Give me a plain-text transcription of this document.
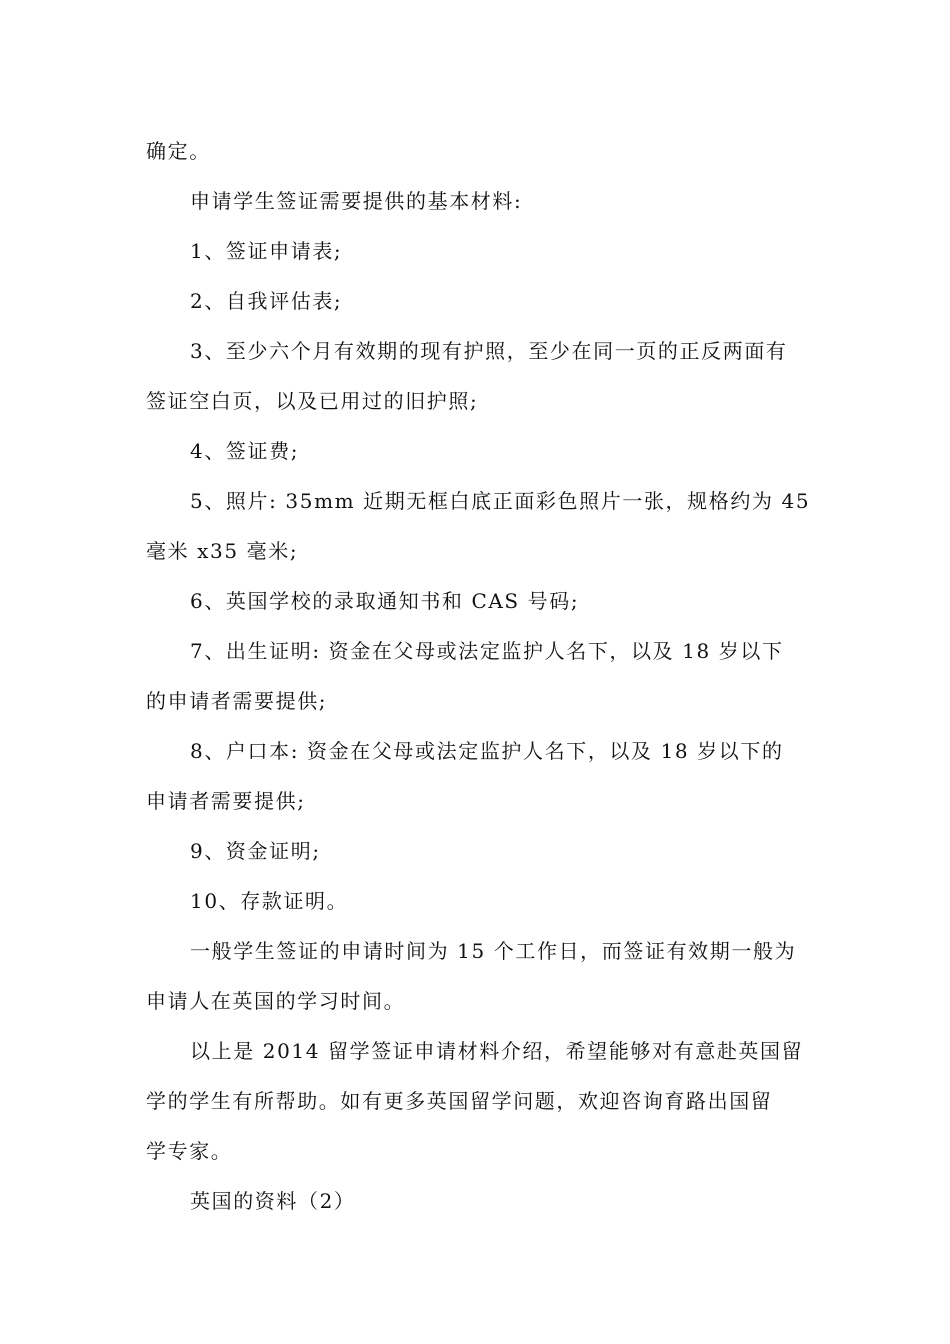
确定。
申请学生签证需要提供的基本材料:
1、签证申请表;
2、自我评估表;
3、至少六个月有效期的现有护照，至少在同一页的正反两面有
签证空白页，以及已用过的旧护照;
4、签证费;
5、照片: 35mm 近期无框白底正面彩色照片一张，规格约为 45
毫米 x35 毫米;
6、英国学校的录取通知书和 CAS 号码;
7、出生证明: 资金在父母或法定监护人名下，以及 18 岁以下
的申请者需要提供;
8、户口本: 资金在父母或法定监护人名下，以及 18 岁以下的
申请者需要提供;
9、资金证明;
10、存款证明。
一般学生签证的申请时间为 15 个工作日，而签证有效期一般为
申请人在英国的学习时间。
以上是 2014 留学签证申请材料介绍，希望能够对有意赴英国留
学的学生有所帮助。如有更多英国留学问题，欢迎咨询育路出国留
学专家。
英国的资料（2）
